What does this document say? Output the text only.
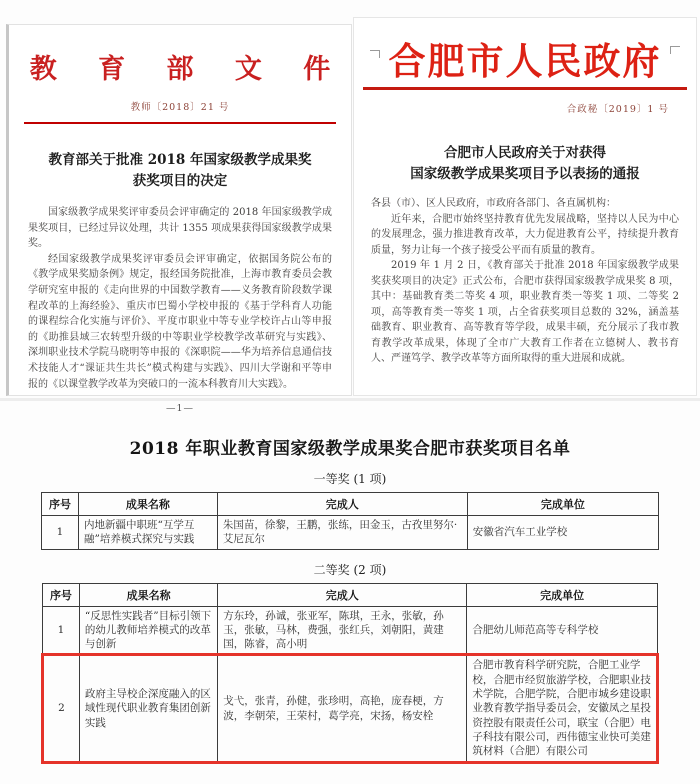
教 育 部 文 件
教师〔2018〕21 号
教育部关于批准 2018 年国家级教学成果奖
获奖项目的决定

国家级教学成果奖评审委员会评审确定的 2018 年国家级教学成果奖项目，已经过异议处理，共计 1355 项成果获得国家级教学成果奖。

经国家级教学成果奖评审委员会评审确定，依据国务院公布的《教学成果奖励条例》规定，报经国务院批准，上海市教育委员会教学研究室申报的《走向世界的中国数学教育——义务教育阶段数学课程改革的上海经验》、重庆市巴蜀小学校申报的《基于学科育人功能的课程综合化实施与评价》、平度市职业中等专业学校许占山等申报的《助推县域三农转型升级的中等职业学校教学改革研究与实践》、深圳职业技术学院马晓明等申报的《深职院——华为培养信息通信技术技能人才“课证共生共长”模式构建与实践》、四川大学谢和平等申报的《以课堂教学改革为突破口的一流本科教育川大实践》。

—1—
合肥市人民政府
合政秘〔2019〕1 号
合肥市人民政府关于对获得
国家级教学成果奖项目予以表扬的通报

各县（市）、区人民政府，市政府各部门、各直属机构：

近年来，合肥市始终坚持教育优先发展战略，坚持以人民为中心的发展理念，强力推进教育改革，大力促进教育公平，持续提升教育质量，努力让每一个孩子接受公平而有质量的教育。

2019 年 1 月 2 日，《教育部关于批准 2018 年国家级教学成果奖获奖项目的决定》正式公布，合肥市获得国家级教学成果奖 8 项，其中：基础教育类二等奖 4 项，职业教育类一等奖 1 项、二等奖 2 项，高等教育类一等奖 1 项，占全省获奖项目总数的 32%，涵盖基础教育、职业教育、高等教育等学段，成果丰硕，充分展示了我市教育教学改革成果，体现了全市广大教育工作者在立德树人、教书育人、严谨笃学、教学改革等方面所取得的重大进展和成就。

2018 年职业教育国家级教学成果奖合肥市获奖项目名单
一等奖 (1 项)
序号	成果名称	完成人	完成单位
1	内地新疆中职班“互学互融”培养模式探究与实践	朱国苗，徐黎，王鹏，张练，田金玉，古孜里努尔·艾尼瓦尔	安徽省汽车工业学校
二等奖 (2 项)
序号	成果名称	完成人	完成单位
1	“反思性实践者”目标引领下的幼儿教师培养模式的改革与创新	方东玲，孙诚，张亚军，陈琪，王永，张敏，孙玉，张敏，马林，费强，张红兵，刘朝阳，黄建国，陈睿，高小明	合肥幼儿师范高等专科学校
2	政府主导校企深度融入的区域性现代职业教育集团创新实践	戈弋，张青，孙健，张珍明，高艳，庞春梗，方波，李朝荣，王荣村，葛学亮，宋扬，杨安栓	合肥市教育科学研究院，合肥工业学校，合肥市经贸旅游学校，合肥职业技术学院，合肥学院，合肥市城乡建设职业教育教学指导委员会，安徽凤之星投资控股有限责任公司，联宝（合肥）电子科技有限公司，西伟德宝业快可美建筑材料（合肥）有限公司
